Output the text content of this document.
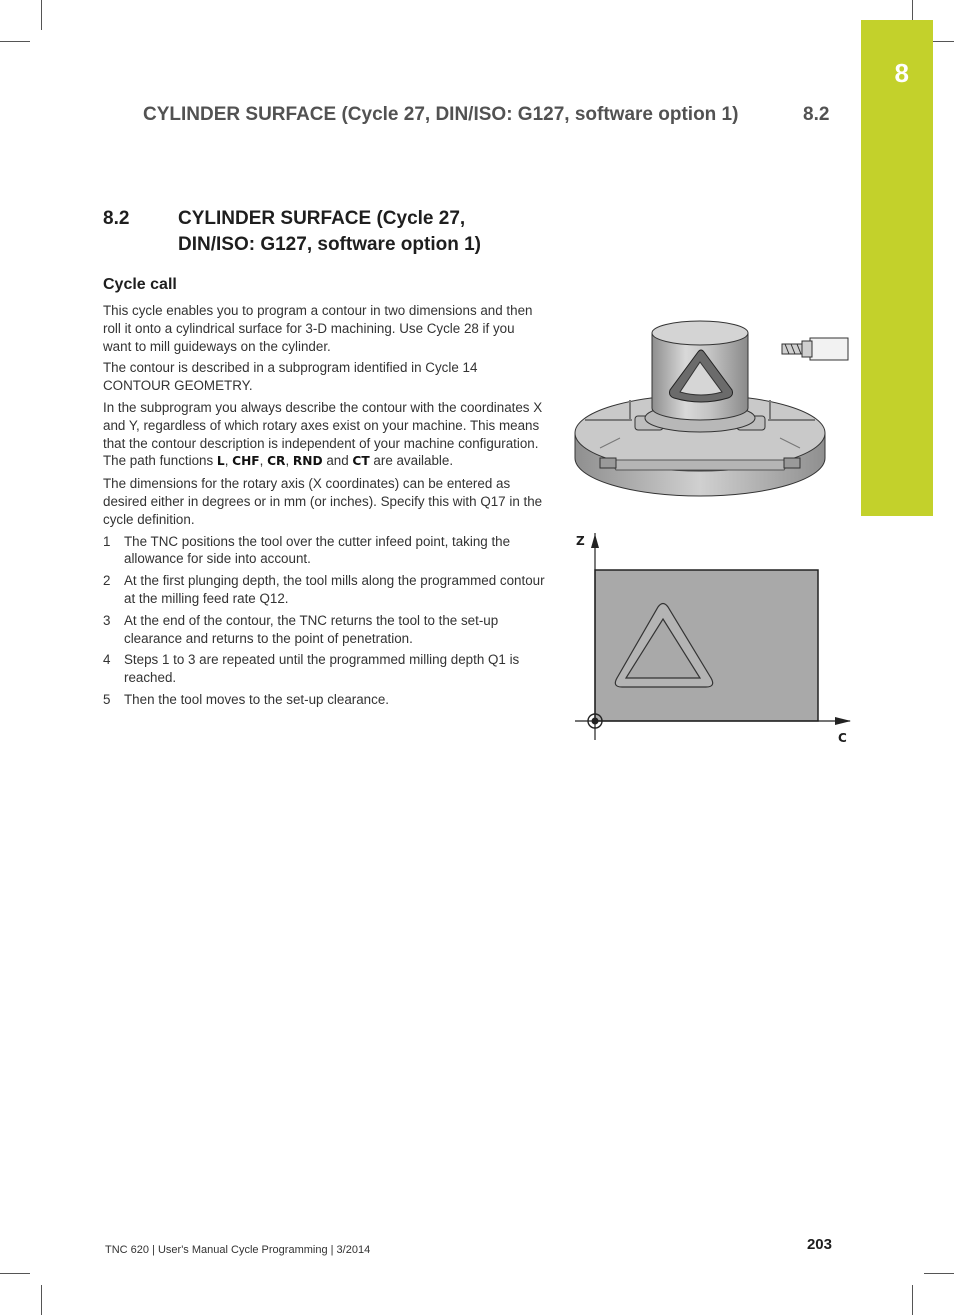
8
CYLINDER SURFACE (Cycle 27, DIN/ISO: G127, software option 1)	8.2
8.2	CYLINDER SURFACE (Cycle 27,
DIN/ISO: G127, software option 1)
Cycle call

This cycle enables you to program a contour in two dimensions and then roll it onto a cylindrical surface for 3-D machining. Use Cycle 28 if you want to mill guideways on the cylinder.

The contour is described in a subprogram identified in Cycle 14 CONTOUR GEOMETRY.

In the subprogram you always describe the contour with the coordinates X and Y, regardless of which rotary axes exist on your machine. This means that the contour description is independent of your machine configuration. The path functions L, CHF, CR, RND and CT are available.

The dimensions for the rotary axis (X coordinates) can be entered as desired either in degrees or in mm (or inches). Specify this with Q17 in the cycle definition.

1 The TNC positions the tool over the cutter infeed point, taking the allowance for side into account.
2 At the first plunging depth, the tool mills along the programmed contour at the milling feed rate Q12.
3 At the end of the contour, the TNC returns the tool to the set-up clearance and returns to the point of penetration.
4 Steps 1 to 3 are repeated until the programmed milling depth Q1 is reached.
5 Then the tool moves to the set-up clearance.
Z
C
TNC 620 | User's Manual Cycle Programming | 3/2014	203
